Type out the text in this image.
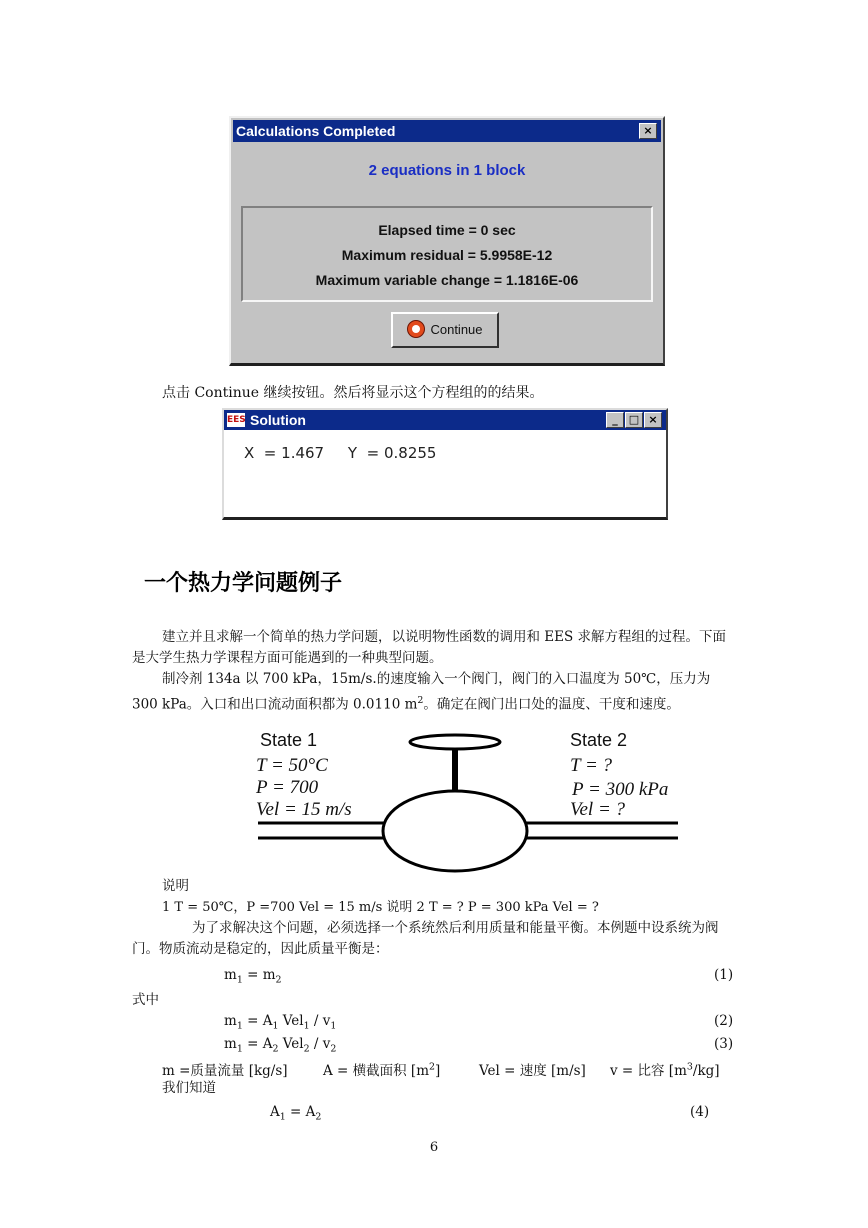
Calculations Completed	×
2 equations in 1 block
Elapsed time = 0 sec
Maximum residual = 5.9958E-12
Maximum variable change = 1.1816E-06
Continue
点击 Continue 继续按钮。然后将显示这个方程组的的结果。
EES Solution	_	□ ×
X  = 1.467     Y  = 0.8255
一个热力学问题例子
建立并且求解一个简单的热力学问题，以说明物性函数的调用和 EES 求解方程组的过程。下面是大学生热力学课程方面可能遇到的一种典型问题。
制冷剂 134a 以 700 kPa，15m/s.的速度输入一个阀门，阀门的入口温度为 50℃，压力为 300 kPa。入口和出口流动面积都为 0.0110 $m^2$。确定在阀门出口处的温度、干度和速度。
State 1
T = 50°C
P = 700
Vel = 15 m/s
State 2
T = ?
P = 300 kPa
Vel = ?
说明
1 T = 50℃，P =700 Vel = 15 m/s 说明 2 T = ? P = 300 kPa Vel = ?
为了求解决这个问题，必须选择一个系统然后利用质量和能量平衡。本例题中设系统为阀门。物质流动是稳定的，因此质量平衡是：
$m_1 = m_2$	(1)
式中
$m_1 = A_1$ $Vel_1 / v_1$	(2)
$m_1 = A_2$ $Vel_2 / v_2$	(3)
m =质量流量 [kg/s]	A = 横截面积 $[m^2]$	Vel = 速度 [m/s] v = 比容 $[m^3/kg]$
我们知道
$A_1 = A_2$	(4)
6
